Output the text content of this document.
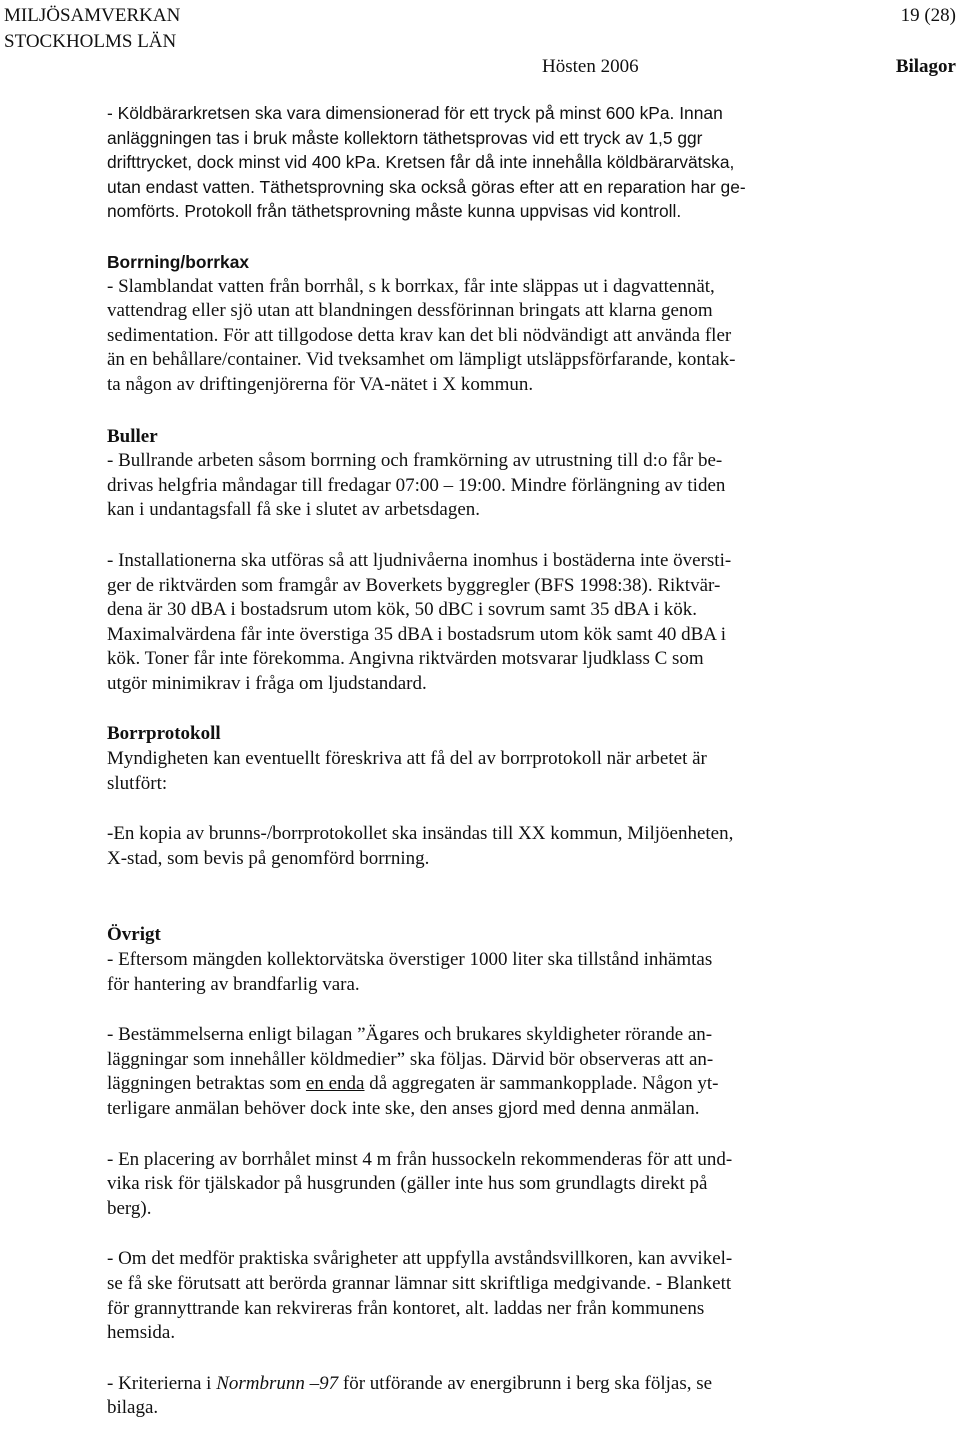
MILJÖSAMVERKAN
STOCKHOLMS LÄN
Hösten 2006
19 (28)
Bilagor
- Köldbärarkretsen ska vara dimensionerad för ett tryck på minst 600 kPa. Innan
anläggningen tas i bruk måste kollektorn täthetsprovas vid ett tryck av 1,5 ggr
drifttrycket, dock minst vid 400 kPa. Kretsen får då inte innehålla köldbärarvätska,
utan endast vatten. Täthetsprovning ska också göras efter att en reparation har ge-
nomförts. Protokoll från täthetsprovning måste kunna uppvisas vid kontroll.
Borrning/borrkax

- Slamblandat vatten från borrhål, s k borrkax, får inte släppas ut i dagvattennät,

vattendrag eller sjö utan att blandningen dessförinnan bringats att klarna genom

sedimentation. För att tillgodose detta krav kan det bli nödvändigt att använda fler

än en behållare/container. Vid tveksamhet om lämpligt utsläppsförfarande, kontak-

ta någon av driftingenjörerna för VA-nätet i X kommun.

Buller

- Bullrande arbeten såsom borrning och framkörning av utrustning till d:o får be-

drivas helgfria måndagar till fredagar 07:00 – 19:00. Mindre förlängning av tiden

kan i undantagsfall få ske i slutet av arbetsdagen.

- Installationerna ska utföras så att ljudnivåerna inomhus i bostäderna inte översti-

ger de riktvärden som framgår av Boverkets byggregler (BFS 1998:38). Riktvär-

dena är 30 dBA i bostadsrum utom kök, 50 dBC i sovrum samt 35 dBA i kök.

Maximalvärdena får inte överstiga 35 dBA i bostadsrum utom kök samt 40 dBA i

kök. Toner får inte förekomma. Angivna riktvärden motsvarar ljudklass C som

utgör minimikrav i fråga om ljudstandard.

Borrprotokoll

Myndigheten kan eventuellt föreskriva att få del av borrprotokoll när arbetet är

slutfört:

-En kopia av brunns-/borrprotokollet ska insändas till XX kommun, Miljöenheten,

X-stad, som bevis på genomförd borrning.

Övrigt

- Eftersom mängden kollektorvätska överstiger 1000 liter ska tillstånd inhämtas

för hantering av brandfarlig vara.

- Bestämmelserna enligt bilagan ”Ägares och brukares skyldigheter rörande an-

läggningar som innehåller köldmedier” ska följas. Därvid bör observeras att an-

läggningen betraktas som en enda då aggregaten är sammankopplade. Någon yt-

terligare anmälan behöver dock inte ske, den anses gjord med denna anmälan.

- En placering av borrhålet minst 4 m från hussockeln rekommenderas för att und-

vika risk för tjälskador på husgrunden (gäller inte hus som grundlagts direkt på

berg).

- Om det medför praktiska svårigheter att uppfylla avståndsvillkoren, kan avvikel-

se få ske förutsatt att berörda grannar lämnar sitt skriftliga medgivande. - Blankett

för grannyttrande kan rekvireras från kontoret, alt. laddas ner från kommunens

hemsida.

- Kriterierna i Normbrunn –97 för utförande av energibrunn i berg ska följas, se

bilaga.
